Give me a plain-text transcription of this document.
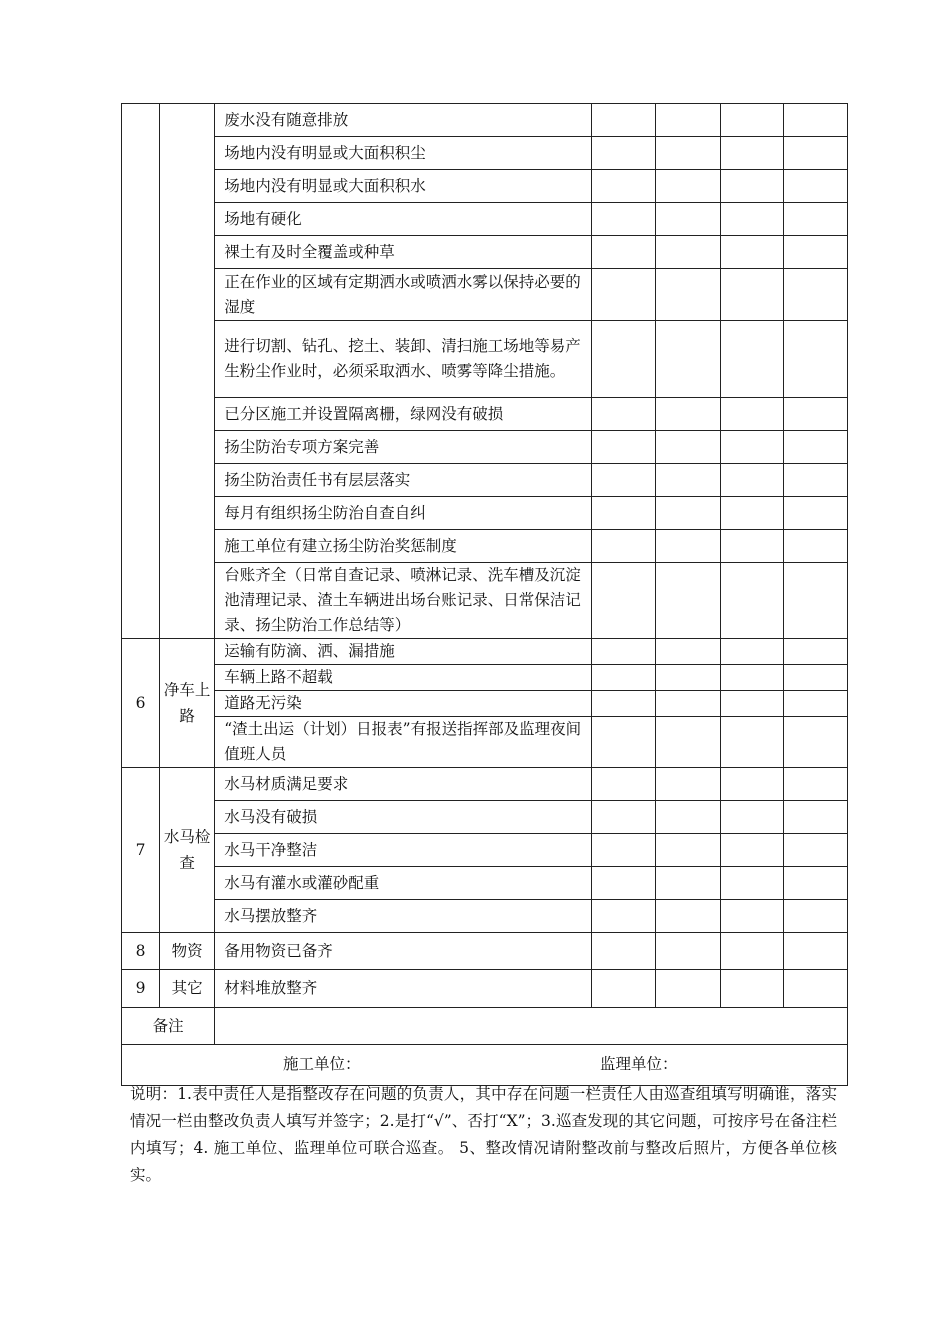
		废水没有随意排放				
		场地内没有明显或大面积积尘				
		场地内没有明显或大面积积水				
		场地有硬化				
		裸土有及时全覆盖或种草				
		正在作业的区域有定期洒水或喷洒水雾以保持必要的湿度				
		进行切割、钻孔、挖土、装卸、清扫施工场地等易产生粉尘作业时，必须采取洒水、喷雾等降尘措施。				
		已分区施工并设置隔离栅，绿网没有破损				
		扬尘防治专项方案完善				
		扬尘防治责任书有层层落实				
		每月有组织扬尘防治自查自纠				
		施工单位有建立扬尘防治奖惩制度				
		台账齐全（日常自查记录、喷淋记录、洗车槽及沉淀池清理记录、渣土车辆进出场台账记录、日常保洁记录、扬尘防治工作总结等）				
6	净车上路	运输有防滴、洒、漏措施				
		车辆上路不超载				
		道路无污染				
		“渣土出运（计划）日报表”有报送指挥部及监理夜间值班人员				
7	水马检查	水马材质满足要求				
		水马没有破损				
		水马干净整洁				
		水马有灌水或灌砂配重				
		水马摆放整齐				
8	物资	备用物资已备齐				
9	其它	材料堆放整齐				
备注						

施工单位： 监理单位：						

说明：1.表中责任人是指整改存在问题的负责人，其中存在问题一栏责任人由巡查组填写明确谁，落实情况一栏由整改负责人填写并签字；2.是打“√”、否打“X”；3.巡查发现的其它问题，可按序号在备注栏内填写；4. 施工单位、监理单位可联合巡查。 5、整改情况请附整改前与整改后照片，方便各单位核实。
